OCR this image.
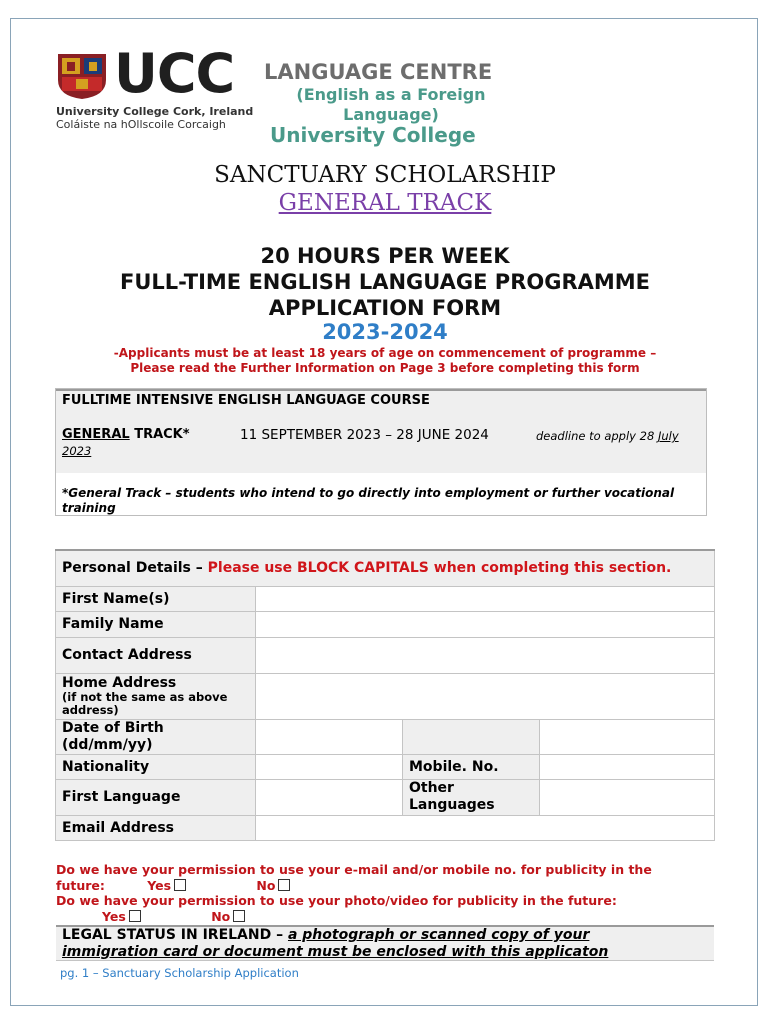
UCC
University College Cork, Ireland
Coláiste na hOllscoile Corcaigh
LANGUAGE CENTRE
(English as a Foreign Language)
University College
SANCTUARY SCHOLARSHIP
GENERAL TRACK
20 HOURS PER WEEK
FULL-TIME ENGLISH LANGUAGE PROGRAMME
APPLICATION FORM
2023-2024
-Applicants must be at least 18 years of age on commencement of programme –
Please read the Further Information on Page 3 before completing this form
FULLTIME INTENSIVE ENGLISH LANGUAGE COURSE
GENERAL TRACK*	11 SEPTEMBER 2023 – 28 JUNE 2024	deadline to apply 28 July
2023
*General Track – students who intend to go directly into employment or further vocational training
Personal Details – Please use BLOCK CAPITALS when completing this section.			
First Name(s)			
Family Name			
Contact Address			
Home Address
(if not the same as above address)			

Date of Birth (dd/mm/yy)			
Nationality		Mobile. No.	
First Language		Other Languages	
Email Address			
Do we have your permission to use your e-mail and/or mobile no. for publicity in the
future:	Yes	No
Do we have your permission to use your photo/video for publicity in the future:
Yes	No
LEGAL STATUS IN IRELAND – a photograph or scanned copy of your
immigration card or document must be enclosed with this applicaton
pg. 1 – Sanctuary Scholarship Application
